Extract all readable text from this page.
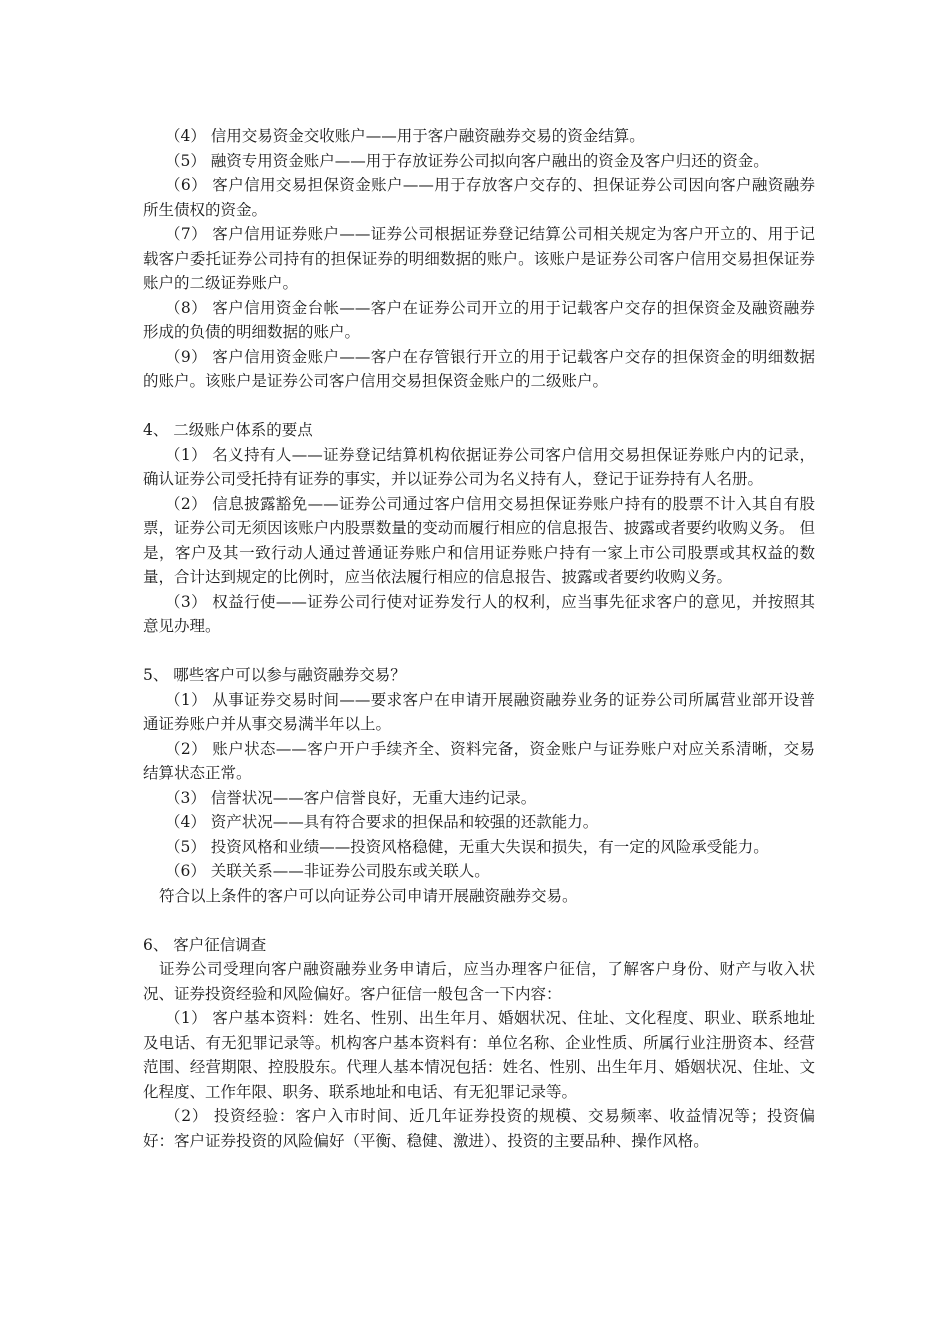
（4） 信用交易资金交收账户——用于客户融资融券交易的资金结算。

（5） 融资专用资金账户——用于存放证券公司拟向客户融出的资金及客户归还的资金。

（6） 客户信用交易担保资金账户——用于存放客户交存的、担保证券公司因向客户融资融券所生债权的资金。

（7） 客户信用证券账户——证券公司根据证券登记结算公司相关规定为客户开立的、用于记载客户委托证券公司持有的担保证券的明细数据的账户。该账户是证券公司客户信用交易担保证券账户的二级证券账户。

（8） 客户信用资金台帐——客户在证券公司开立的用于记载客户交存的担保资金及融资融券形成的负债的明细数据的账户。

（9） 客户信用资金账户——客户在存管银行开立的用于记载客户交存的担保资金的明细数据的账户。该账户是证券公司客户信用交易担保资金账户的二级账户。

4、 二级账户体系的要点

（1） 名义持有人——证券登记结算机构依据证券公司客户信用交易担保证券账户内的记录，确认证券公司受托持有证券的事实，并以证券公司为名义持有人，登记于证券持有人名册。

（2） 信息披露豁免——证券公司通过客户信用交易担保证券账户持有的股票不计入其自有股票，证券公司无须因该账户内股票数量的变动而履行相应的信息报告、披露或者要约收购义务。 但是，客户及其一致行动人通过普通证券账户和信用证券账户持有一家上市公司股票或其权益的数量，合计达到规定的比例时，应当依法履行相应的信息报告、披露或者要约收购义务。

（3） 权益行使——证券公司行使对证券发行人的权利，应当事先征求客户的意见，并按照其意见办理。

5、 哪些客户可以参与融资融券交易？

（1） 从事证券交易时间——要求客户在申请开展融资融券业务的证券公司所属营业部开设普通证券账户并从事交易满半年以上。

（2） 账户状态——客户开户手续齐全、资料完备，资金账户与证券账户对应关系清晰，交易结算状态正常。

（3） 信誉状况——客户信誉良好，无重大违约记录。

（4） 资产状况——具有符合要求的担保品和较强的还款能力。

（5） 投资风格和业绩——投资风格稳健，无重大失误和损失，有一定的风险承受能力。

（6） 关联关系——非证券公司股东或关联人。

符合以上条件的客户可以向证券公司申请开展融资融券交易。

6、 客户征信调查

证券公司受理向客户融资融券业务申请后，应当办理客户征信，了解客户身份、财产与收入状况、证券投资经验和风险偏好。客户征信一般包含一下内容：

（1） 客户基本资料：姓名、性别、出生年月、婚姻状况、住址、文化程度、职业、联系地址及电话、有无犯罪记录等。机构客户基本资料有：单位名称、企业性质、所属行业注册资本、经营范围、经营期限、控股股东。代理人基本情况包括：姓名、性别、出生年月、婚姻状况、住址、文化程度、工作年限、职务、联系地址和电话、有无犯罪记录等。

（2） 投资经验：客户入市时间、近几年证券投资的规模、交易频率、收益情况等；投资偏好：客户证券投资的风险偏好（平衡、稳健、激进）、投资的主要品种、操作风格。
